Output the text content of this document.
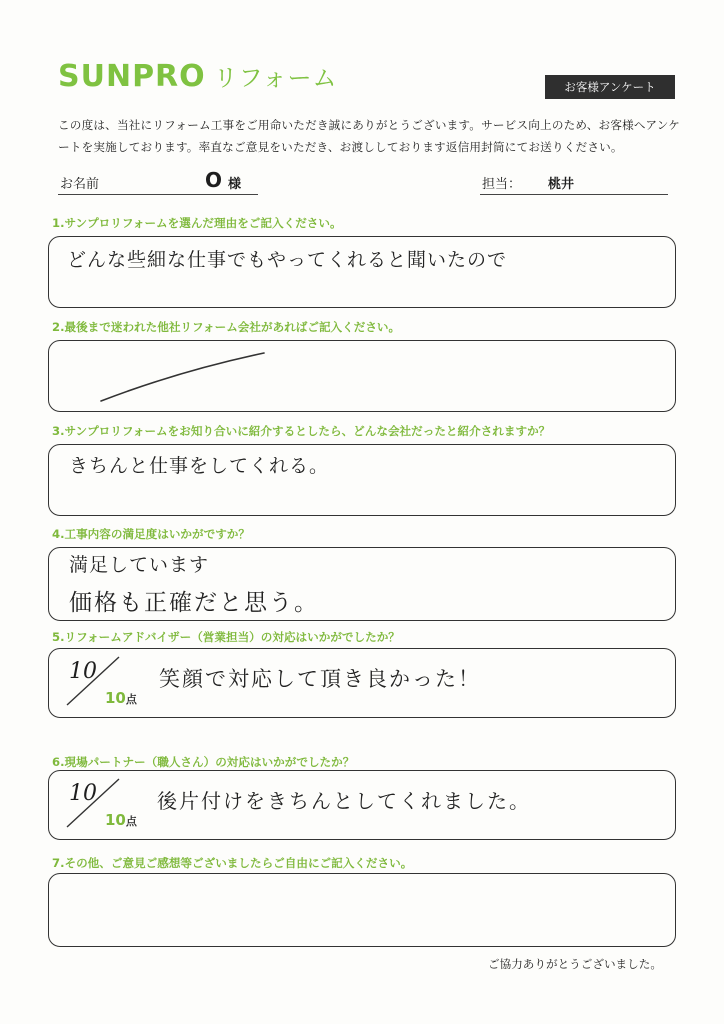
SUNPRO リフォーム	お客様アンケート
この度は、当社にリフォーム工事をご用命いただき誠にありがとうございます。サービス向上のため、お客様へアンケートを実施しております。率直なご意見をいただき、お渡ししております返信用封筒にてお送りください。
お名前	O 様	担当： 桃井
1.サンプロリフォームを選んだ理由をご記入ください。
どんな些細な仕事でもやってくれると聞いたので
2.最後まで迷われた他社リフォーム会社があればご記入ください。
3.サンプロリフォームをお知り合いに紹介するとしたら、どんな会社だったと紹介されますか？
きちんと仕事をしてくれる。
4.工事内容の満足度はいかがですか？
満足しています
価格も正確だと思う。
5.リフォームアドバイザー（営業担当）の対応はいかがでしたか？
10
10点
笑顔で対応して頂き良かった！
6.現場パートナー（職人さん）の対応はいかがでしたか？
10
10点
後片付けをきちんとしてくれました。
7.その他、ご意見ご感想等ございましたらご自由にご記入ください。
ご協力ありがとうございました。
